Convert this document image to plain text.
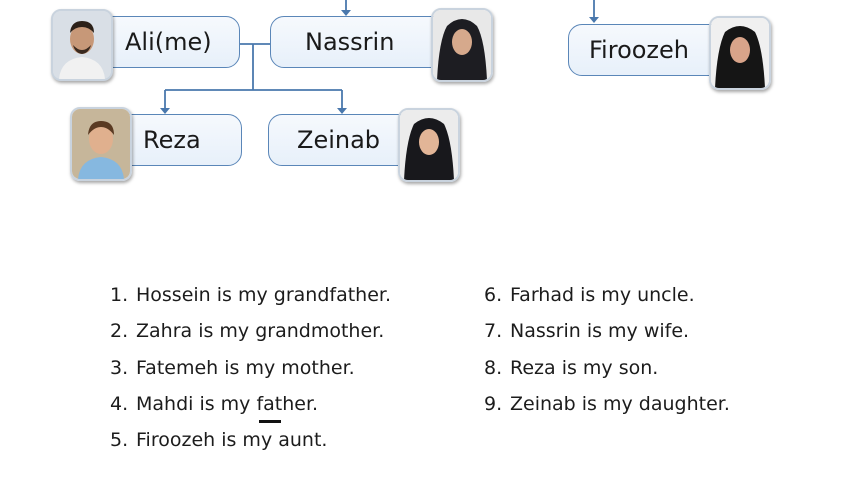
Ali(me)	Nassrin	Firoozeh
Reza	Zeinab
1. Hossein is my grandfather.
2. Zahra is my grandmother.
3. Fatemeh is my mother.
4. Mahdi is my father.
5. Firoozeh is my aunt.
6. Farhad is my uncle.
7. Nassrin is my wife.
8. Reza is my son.
9. Zeinab is my daughter.
